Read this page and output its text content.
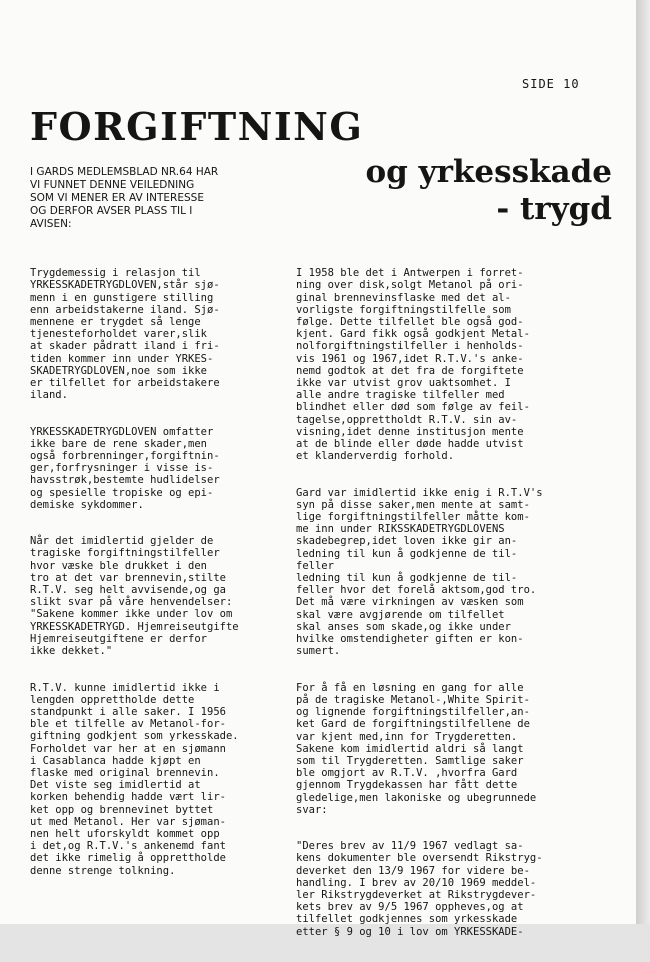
SIDE 10
FORGIFTNING
og yrkesskade
- trygd
I GARDS MEDLEMSBLAD NR.64 HAR
VI FUNNET DENNE VEILEDNING
SOM VI MENER ER AV INTERESSE
OG DERFOR AVSER PLASS TIL I
AVISEN:

Trygdemessig i relasjon til
YRKESSKADETRYGDLOVEN,står sjø-
menn i en gunstigere stilling
enn arbeidstakerne iland. Sjø-
mennene er trygdet så lenge
tjenesteforholdet varer,slik
at skader pådratt iland i fri-
tiden kommer inn under YRKES-
SKADETRYGDLOVEN,noe som ikke
er tilfellet for arbeidstakere
iland.

YRKESSKADETRYGDLOVEN omfatter
ikke bare de rene skader,men
også forbrenninger,forgiftnin-
ger,forfrysninger i visse is-
havsstrøk,bestemte hudlidelser
og spesielle tropiske og epi-
demiske sykdommer.

Når det imidlertid gjelder de
tragiske forgiftningstilfeller
hvor væske ble drukket i den
tro at det var brennevin,stilte
R.T.V. seg helt avvisende,og ga
slikt svar på våre henvendelser:
"Sakene kommer ikke under lov om
YRKESSKADETRYGD. Hjemreiseutgifte
Hjemreiseutgiftene er derfor
ikke dekket."

R.T.V. kunne imidlertid ikke i
lengden opprettholde dette
standpunkt i alle saker. I 1956
ble et tilfelle av Metanol-for-
giftning godkjent som yrkesskade.
Forholdet var her at en sjømann
i Casablanca hadde kjøpt en
flaske med original brennevin.
Det viste seg imidlertid at
korken behendig hadde vært lir-
ket opp og brennevinet byttet
ut med Metanol. Her var sjøman-
nen helt uforskyldt kommet opp
i det,og R.T.V.'s ankenemd fant
det ikke rimelig å opprettholde
denne strenge tolkning.

I 1958 ble det i Antwerpen i forret-
ning over disk,solgt Metanol på ori-
ginal brennevinsflaske med det al-
vorligste forgiftningstilfelle som
følge. Dette tilfellet ble også god-
kjent. Gard fikk også godkjent Metal-
nolforgiftningstilfeller i henholds-
vis 1961 og 1967,idet R.T.V.'s anke-
nemd godtok at det fra de forgiftete
ikke var utvist grov uaktsomhet. I
alle andre tragiske tilfeller med
blindhet eller død som følge av feil-
tagelse,opprettholdt R.T.V. sin av-
visning,idet denne institusjon mente
at de blinde eller døde hadde utvist
et klanderverdig forhold.

Gard var imidlertid ikke enig i R.T.V's
syn på disse saker,men mente at samt-
lige forgiftningstilfeller måtte kom-
me inn under RIKSSKADETRYGDLOVENS
skadebegrep,idet loven ikke gir an-
ledning til kun å godkjenne de til-
feller
ledning til kun å godkjenne de til-
feller hvor det forelå aktsom,god tro.
Det må være virkningen av væsken som
skal være avgjørende om tilfellet
skal anses som skade,og ikke under
hvilke omstendigheter giften er kon-
sumert.

For å få en løsning en gang for alle
på de tragiske Metanol-,White Spirit-
og lignende forgiftningstilfeller,an-
ket Gard de forgiftningstilfellene de
var kjent med,inn for Trygderetten.
Sakene kom imidlertid aldri så langt
som til Trygderetten. Samtlige saker
ble omgjort av R.T.V. ,hvorfra Gard
gjennom Trygdekassen har fått dette
gledelige,men lakoniske og ubegrunnede
svar:

"Deres brev av 11/9 1967 vedlagt sa-
kens dokumenter ble oversendt Rikstryg-
deverket den 13/9 1967 for videre be-
handling. I brev av 20/10 1969 meddel-
ler Rikstrygdeverket at Rikstrygdever-
kets brev av 9/5 1967 oppheves,og at
tilfellet godkjennes som yrkesskade
etter § 9 og 10 i lov om YRKESSKADE-
